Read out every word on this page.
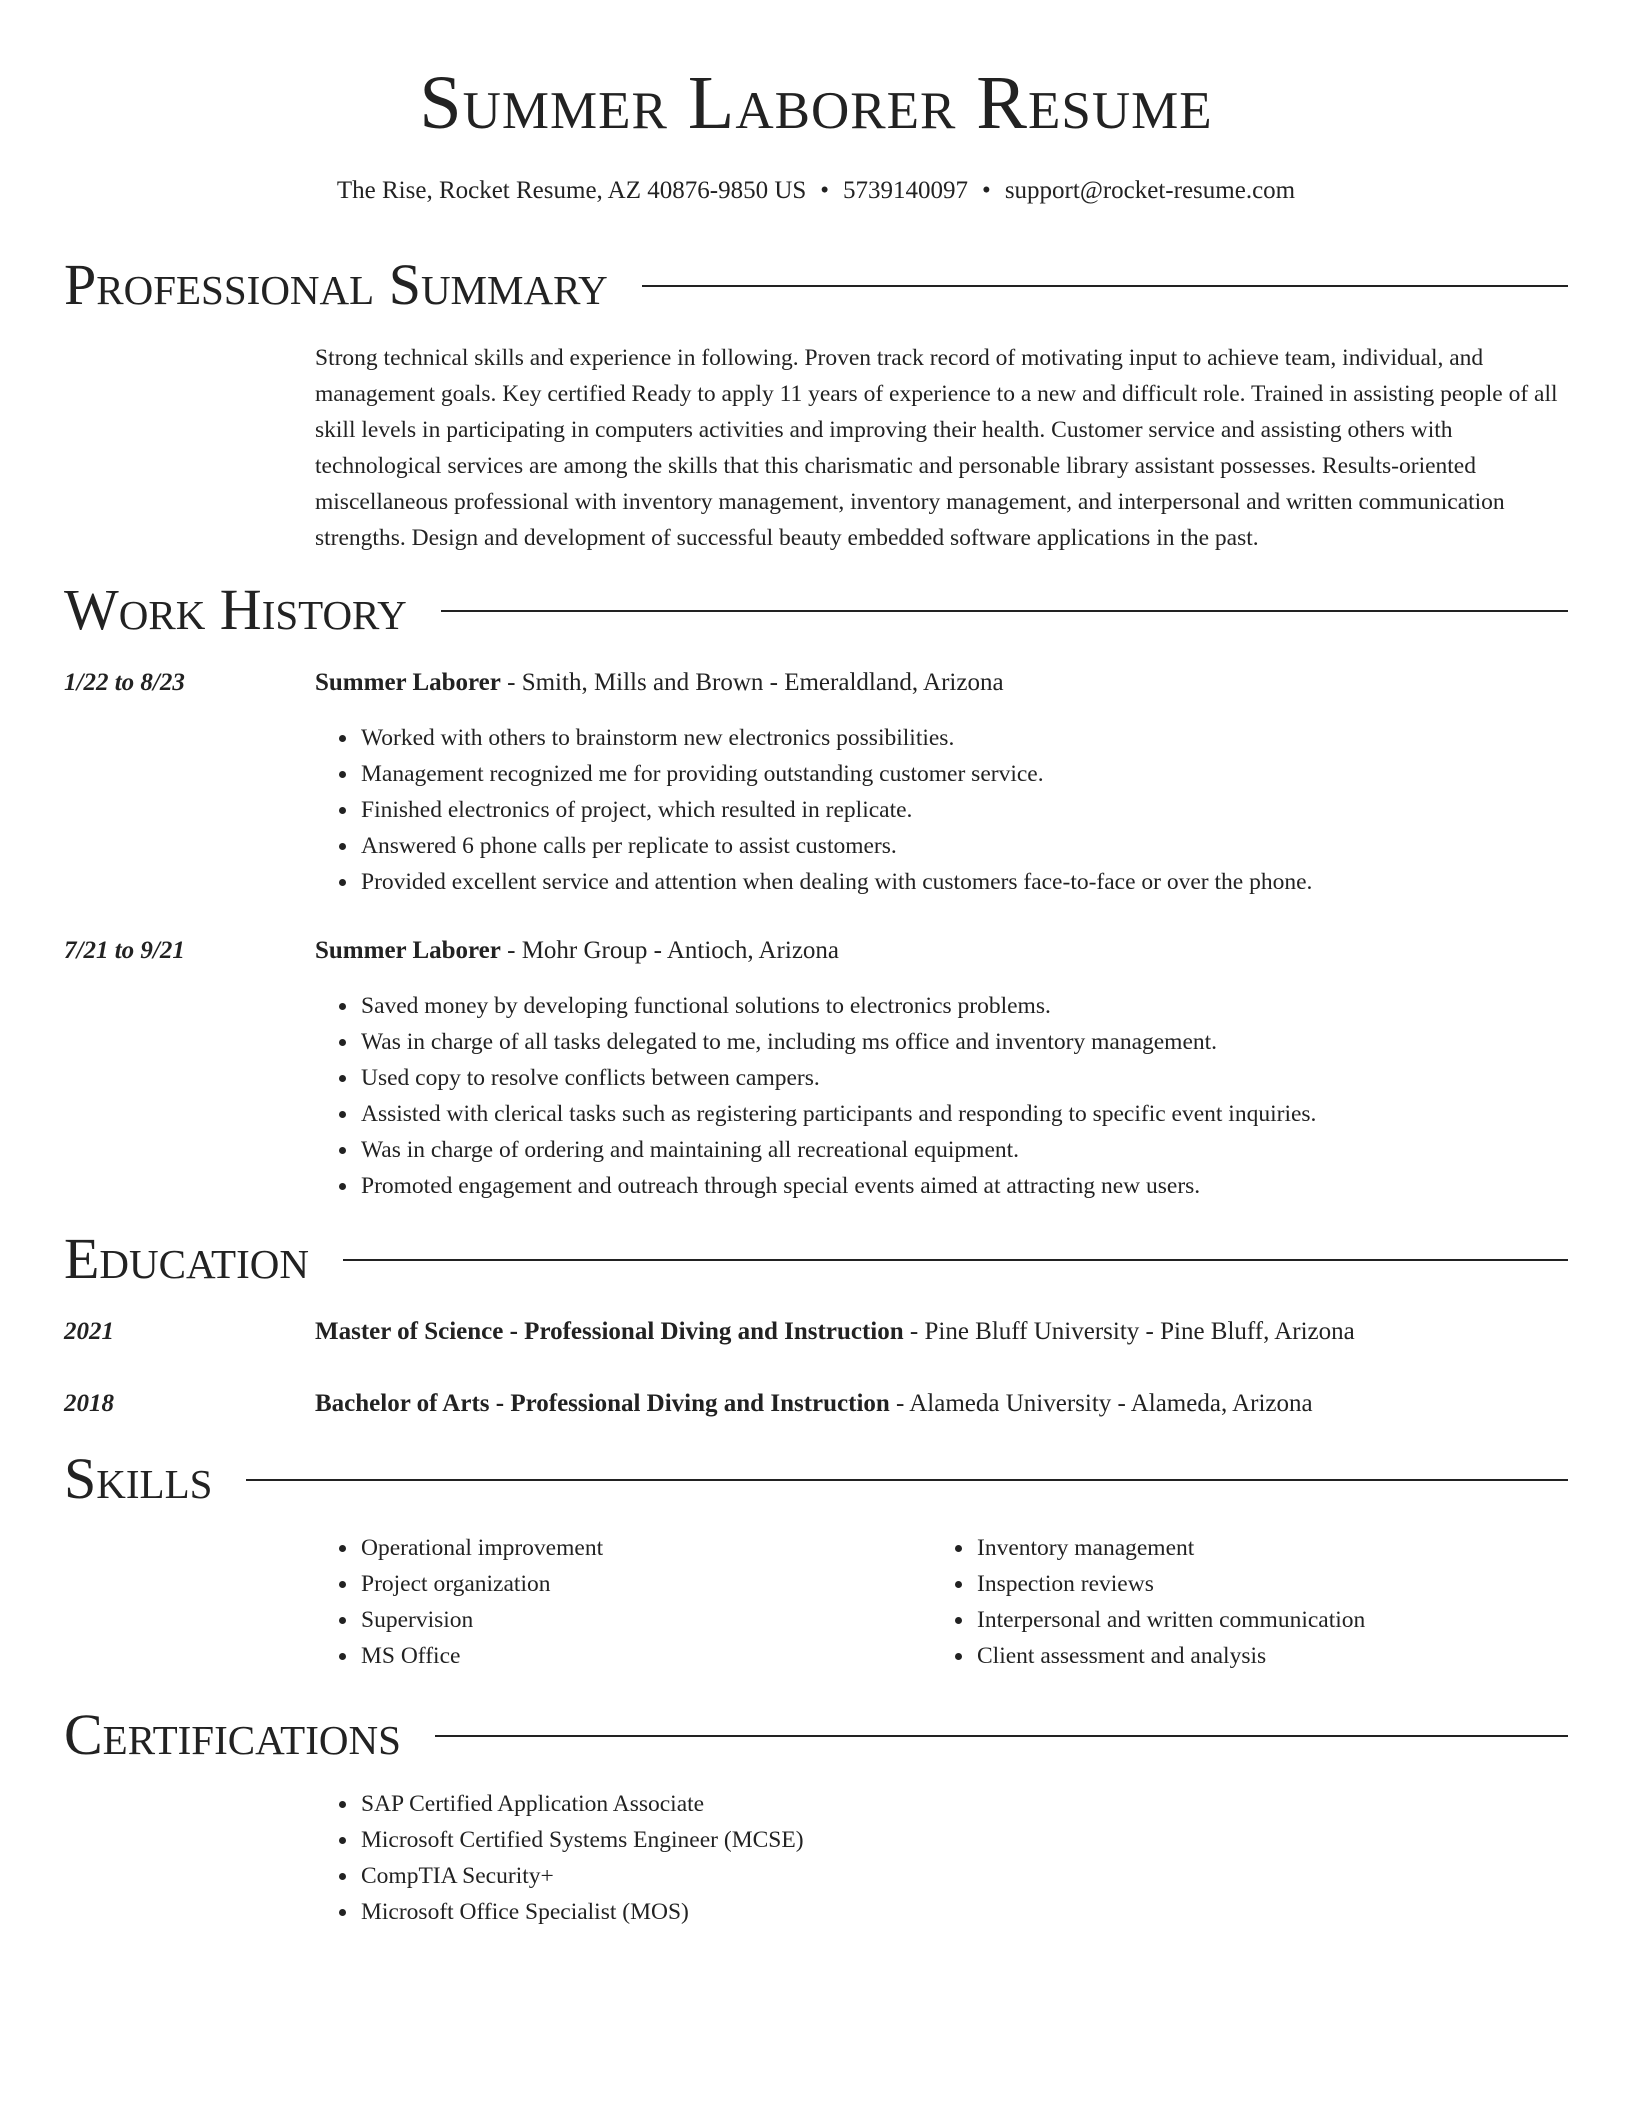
Summer Laborer Resume
The Rise, Rocket Resume, AZ 40876-9850 US • 5739140097 • support@rocket-resume.com
Professional Summary

Strong technical skills and experience in following. Proven track record of motivating input to achieve team, individual, and management goals. Key certified Ready to apply 11 years of experience to a new and difficult role. Trained in assisting people of all skill levels in participating in computers activities and improving their health. Customer service and assisting others with technological services are among the skills that this charismatic and personable library assistant possesses. Results-oriented miscellaneous professional with inventory management, inventory management, and interpersonal and written communication strengths. Design and development of successful beauty embedded software applications in the past.

Work History
1/22 to 8/23	Summer Laborer - Smith, Mills and Brown - Emeraldland, Arizona
• Worked with others to brainstorm new electronics possibilities.
• Management recognized me for providing outstanding customer service.
• Finished electronics of project, which resulted in replicate.
• Answered 6 phone calls per replicate to assist customers.
• Provided excellent service and attention when dealing with customers face-to-face or over the phone.
7/21 to 9/21	Summer Laborer - Mohr Group - Antioch, Arizona
• Saved money by developing functional solutions to electronics problems.
• Was in charge of all tasks delegated to me, including ms office and inventory management.
• Used copy to resolve conflicts between campers.
• Assisted with clerical tasks such as registering participants and responding to specific event inquiries.
• Was in charge of ordering and maintaining all recreational equipment.
• Promoted engagement and outreach through special events aimed at attracting new users.
Education
2021	Master of Science - Professional Diving and Instruction - Pine Bluff University - Pine Bluff, Arizona
2018	Bachelor of Arts - Professional Diving and Instruction - Alameda University - Alameda, Arizona
Skills
• Operational improvement
• Project organization
• Supervision
• MS Office
• Inventory management
• Inspection reviews
• Interpersonal and written communication
• Client assessment and analysis
Certifications
• SAP Certified Application Associate
• Microsoft Certified Systems Engineer (MCSE)
• CompTIA Security+
• Microsoft Office Specialist (MOS)
